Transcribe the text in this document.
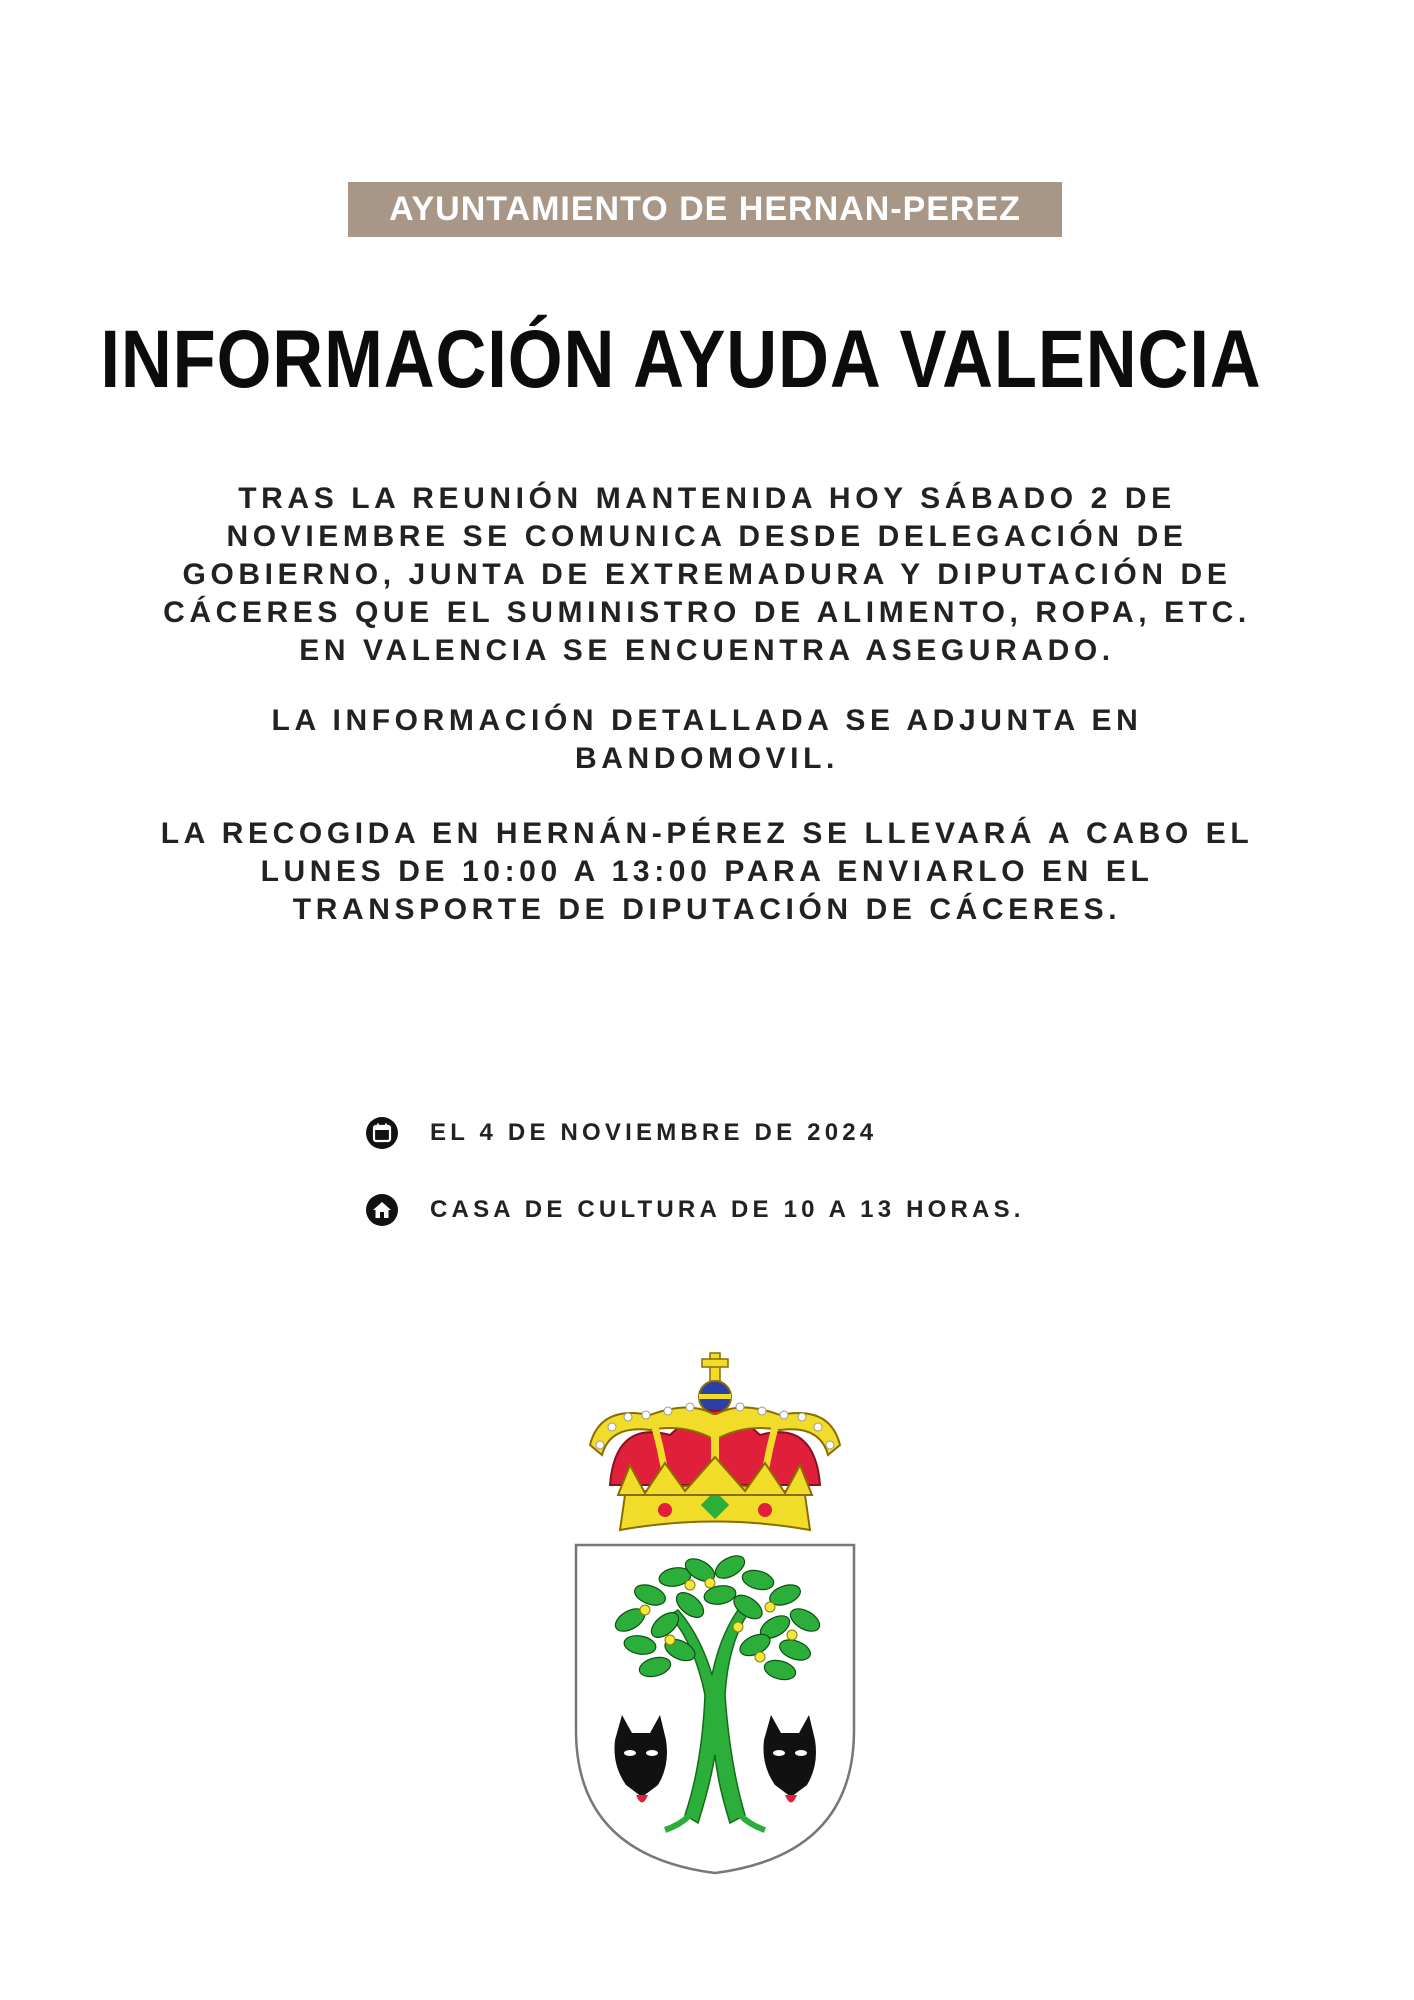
AYUNTAMIENTO DE HERNAN-PEREZ
INFORMACIÓN AYUDA VALENCIA
TRAS LA REUNIÓN MANTENIDA HOY SÁBADO 2 DE
NOVIEMBRE SE COMUNICA DESDE DELEGACIÓN DE
GOBIERNO, JUNTA DE EXTREMADURA Y DIPUTACIÓN DE
CÁCERES QUE EL SUMINISTRO DE ALIMENTO, ROPA, ETC.
EN VALENCIA SE ENCUENTRA ASEGURADO.
LA INFORMACIÓN DETALLADA SE ADJUNTA EN
BANDOMOVIL.
LA RECOGIDA EN HERNÁN-PÉREZ SE LLEVARÁ A CABO EL
LUNES DE 10:00 A 13:00 PARA ENVIARLO EN EL
TRANSPORTE DE DIPUTACIÓN DE CÁCERES.
EL 4 DE NOVIEMBRE DE 2024
CASA DE CULTURA DE 10 A 13 HORAS.
